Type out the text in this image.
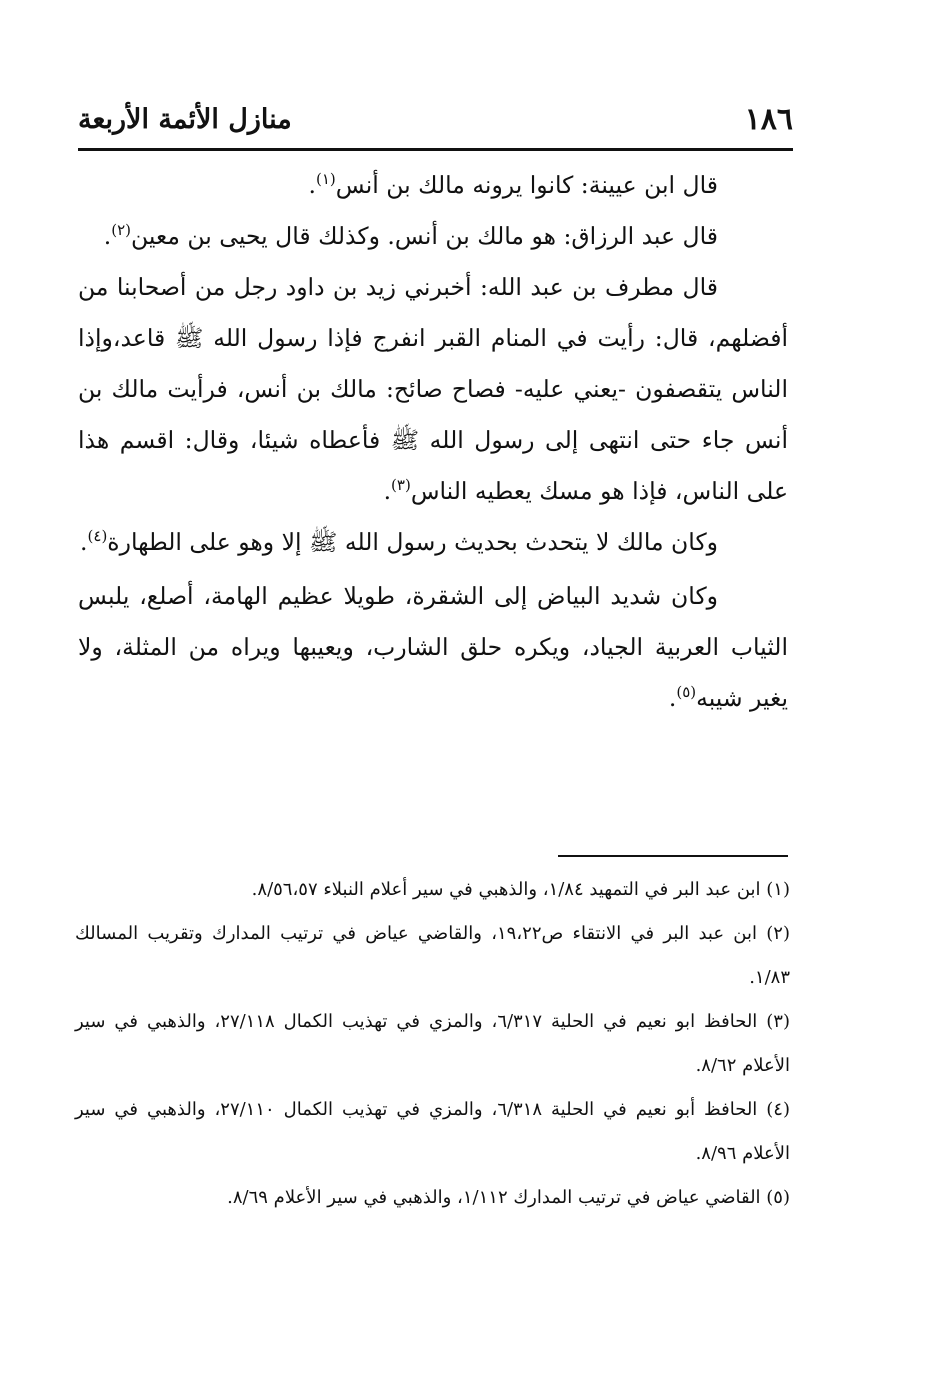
١٨٦
منازل الأئمة الأربعة

قال ابن عيينة: كانوا يرونه مالك بن أنس$^{(١)}$.

قال عبد الرزاق: هو مالك بن أنس. وكذلك قال يحيى بن معين$^{(٢)}$.

قال مطرف بن عبد الله: أخبرني زيد بن داود رجل من أصحابنا من أفضلهم، قال: رأيت في المنام القبر انفرج فإذا رسول الله ﷺ قاعد،وإذا الناس يتقصفون -يعني عليه- فصاح صائح: مالك بن أنس، فرأيت مالك بن أنس جاء حتى انتهى إلى رسول الله ﷺ فأعطاه شيئا، وقال: اقسم هذا على الناس، فإذا هو مسك يعطيه الناس$^{(٣)}$.

وكان مالك لا يتحدث بحديث رسول الله ﷺ إلا وهو على الطهارة$^{(٤)}$.

وكان شديد البياض إلى الشقرة، طويلا عظيم الهامة، أصلع، يلبس الثياب العربية الجياد، ويكره حلق الشارب، ويعيبها ويراه من المثلة، ولا يغير شيبه$^{(٥)}$.

(١) ابن عبد البر في التمهيد ١/٨٤، والذهبي في سير أعلام النبلاء ٨/٥٦،٥٧.

(٢) ابن عبد البر في الانتقاء ص١٩،٢٢، والقاضي عياض في ترتيب المدارك وتقريب المسالك ١/٨٣.

(٣) الحافظ ابو نعيم في الحلية ٦/٣١٧، والمزي في تهذيب الكمال ٢٧/١١٨، والذهبي في سير الأعلام ٨/٦٢.

(٤) الحافظ أبو نعيم في الحلية ٦/٣١٨، والمزي في تهذيب الكمال ٢٧/١١٠، والذهبي في سير الأعلام ٨/٩٦.

(٥) القاضي عياض في ترتيب المدارك ١/١١٢، والذهبي في سير الأعلام ٨/٦٩.
